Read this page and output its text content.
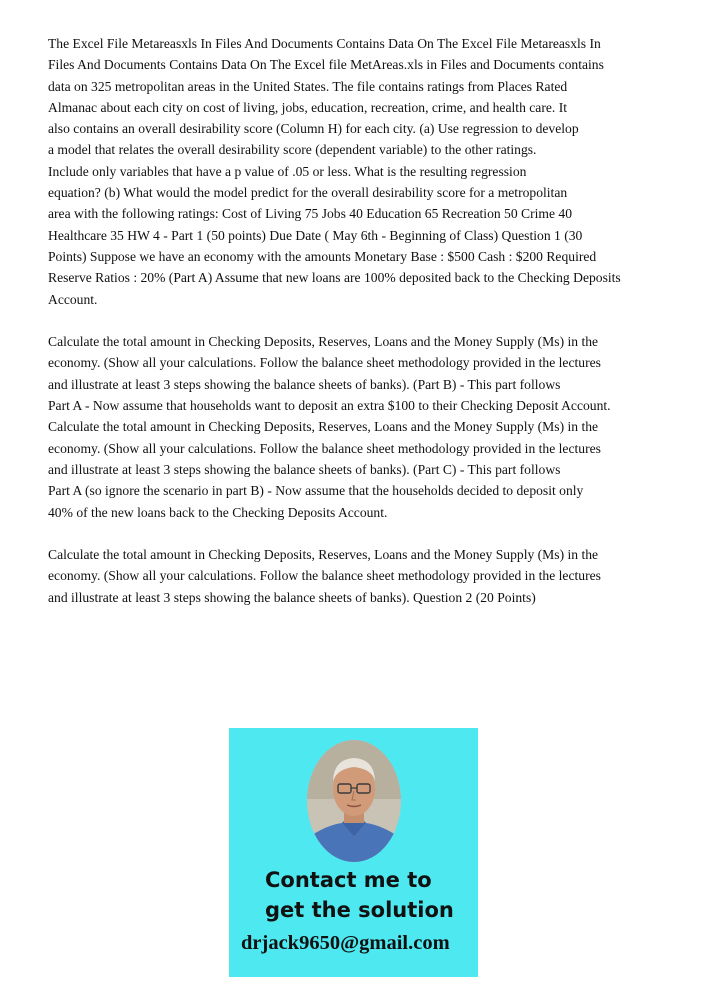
The Excel File Metareasxls In Files And Documents Contains Data On The Excel File Metareasxls In
Files And Documents Contains Data On The Excel file MetAreas.xls in Files and Documents contains
data on 325 metropolitan areas in the United States. The file contains ratings from Places Rated
Almanac about each city on cost of living, jobs, education, recreation, crime, and health care. It
also contains an overall desirability score (Column H) for each city. (a) Use regression to develop
a model that relates the overall desirability score (dependent variable) to the other ratings.
Include only variables that have a p value of .05 or less. What is the resulting regression
equation? (b) What would the model predict for the overall desirability score for a metropolitan
area with the following ratings: Cost of Living 75 Jobs 40 Education 65 Recreation 50 Crime 40
Healthcare 35 HW 4 - Part 1 (50 points) Due Date ( May 6th - Beginning of Class) Question 1 (30
Points) Suppose we have an economy with the amounts Monetary Base : $500 Cash : $200 Required
Reserve Ratios : 20% (Part A) Assume that new loans are 100% deposited back to the Checking Deposits
Account.
Calculate the total amount in Checking Deposits, Reserves, Loans and the Money Supply (Ms) in the
economy. (Show all your calculations. Follow the balance sheet methodology provided in the lectures
and illustrate at least 3 steps showing the balance sheets of banks). (Part B) - This part follows
Part A - Now assume that households want to deposit an extra $100 to their Checking Deposit Account.
Calculate the total amount in Checking Deposits, Reserves, Loans and the Money Supply (Ms) in the
economy. (Show all your calculations. Follow the balance sheet methodology provided in the lectures
and illustrate at least 3 steps showing the balance sheets of banks). (Part C) - This part follows
Part A (so ignore the scenario in part B) - Now assume that the households decided to deposit only
40% of the new loans back to the Checking Deposits Account.
Calculate the total amount in Checking Deposits, Reserves, Loans and the Money Supply (Ms) in the
economy. (Show all your calculations. Follow the balance sheet methodology provided in the lectures
and illustrate at least 3 steps showing the balance sheets of banks). Question 2 (20 Points)
Contact me to
get the solution
drjack9650@gmail.com
